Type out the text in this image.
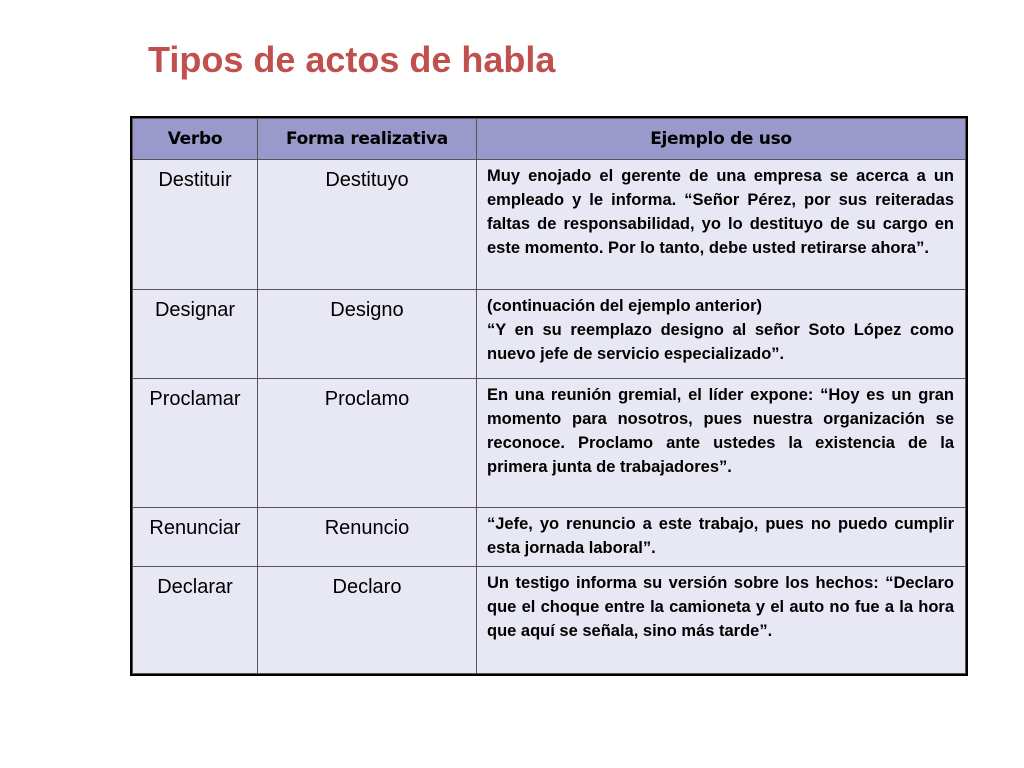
Tipos de actos de habla
Verbo	Forma realizativa	Ejemplo de uso
Destituir	Destituyo	Muy enojado el gerente de una empresa se acerca a un empleado y le informa. “Señor Pérez, por sus reiteradas faltas de responsabilidad, yo lo destituyo de su cargo en este momento. Por lo tanto, debe usted retirarse ahora”.
Designar	Designo	(continuación del ejemplo anterior)
“Y en su reemplazo designo al señor Soto López como nuevo jefe de servicio especializado”.

Proclamar	Proclamo	En una reunión gremial, el líder expone: “Hoy es un gran momento para nosotros, pues nuestra organización se reconoce. Proclamo ante ustedes la existencia de la primera junta de trabajadores”.
Renunciar	Renuncio	“Jefe, yo renuncio a este trabajo, pues no puedo cumplir esta jornada laboral”.
Declarar	Declaro	Un testigo informa su versión sobre los hechos: “Declaro que el choque entre la camioneta y el auto no fue a la hora que aquí se señala, sino más tarde”.
